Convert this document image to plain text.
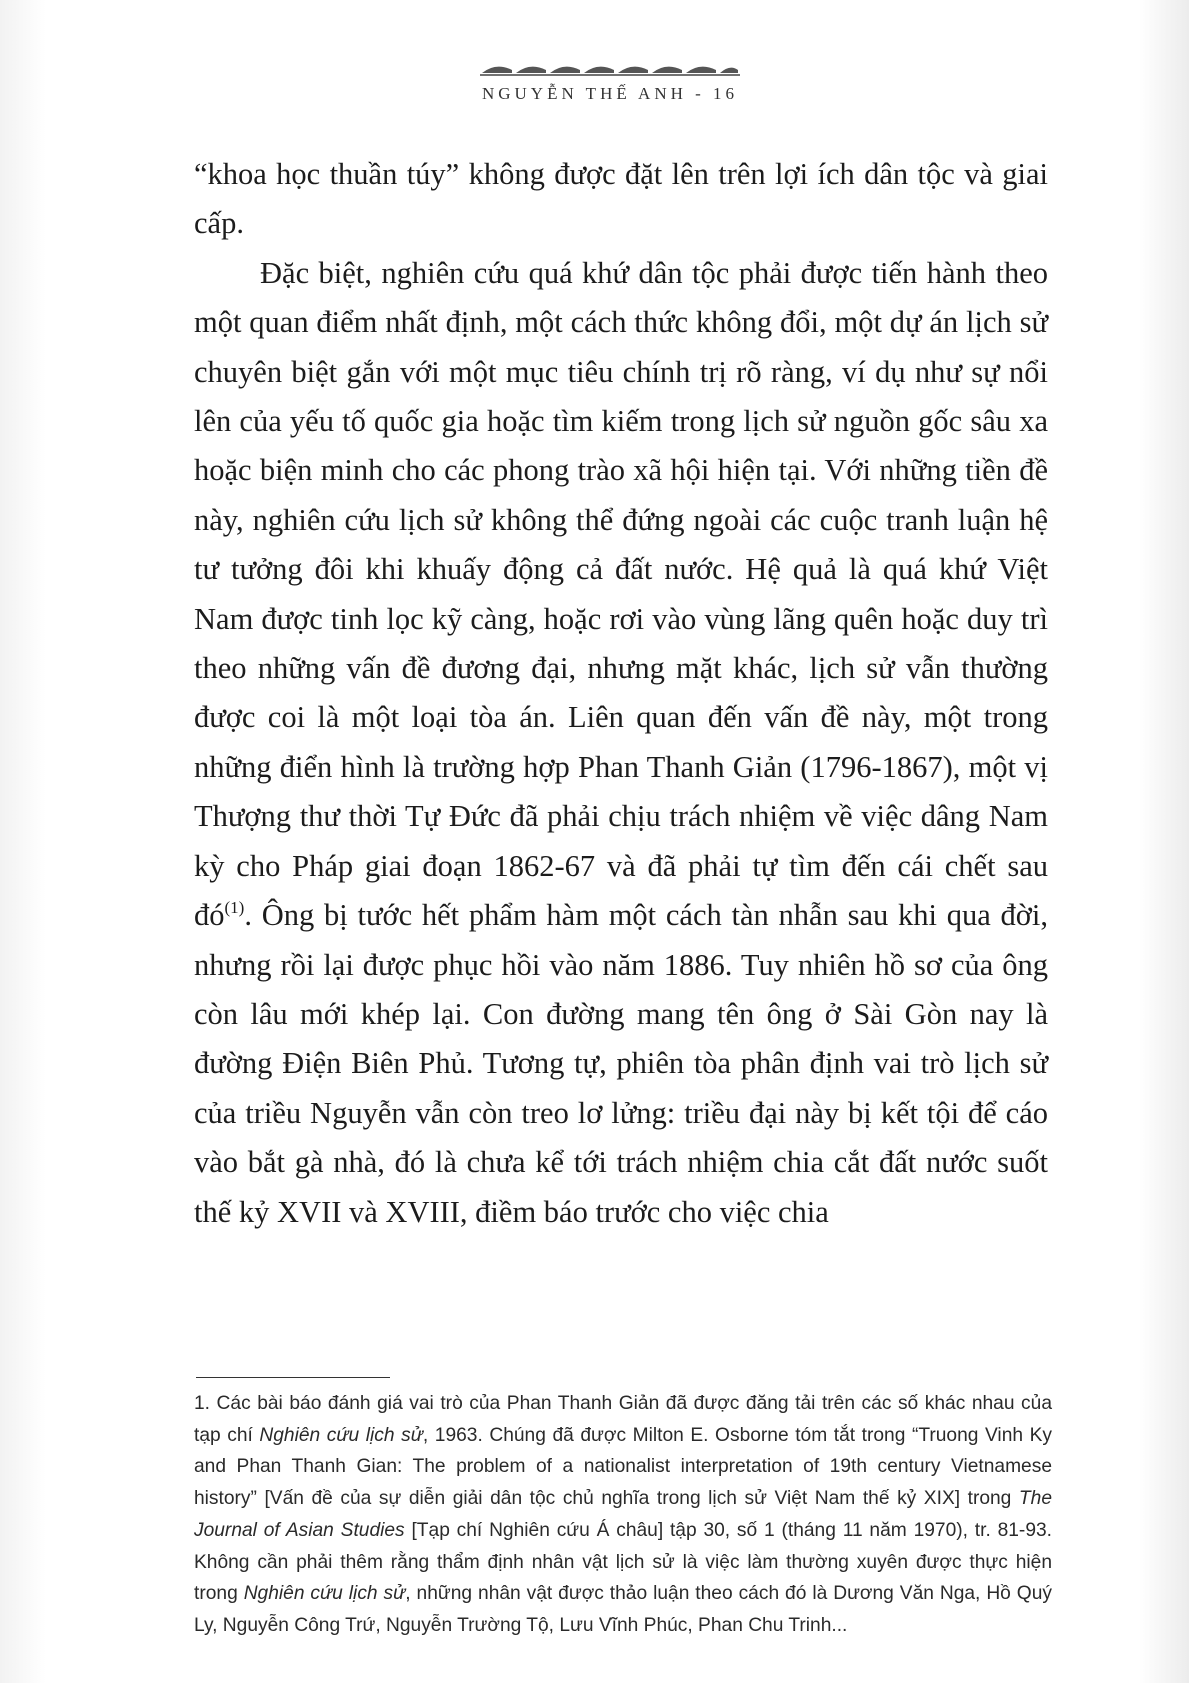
NGUYỄN THẾ ANH - 16

“khoa học thuần túy” không được đặt lên trên lợi ích dân tộc và giai cấp.

Đặc biệt, nghiên cứu quá khứ dân tộc phải được tiến hành theo một quan điểm nhất định, một cách thức không đổi, một dự án lịch sử chuyên biệt gắn với một mục tiêu chính trị rõ ràng, ví dụ như sự nổi lên của yếu tố quốc gia hoặc tìm kiếm trong lịch sử nguồn gốc sâu xa hoặc biện minh cho các phong trào xã hội hiện tại. Với những tiền đề này, nghiên cứu lịch sử không thể đứng ngoài các cuộc tranh luận hệ tư tưởng đôi khi khuấy động cả đất nước. Hệ quả là quá khứ Việt Nam được tinh lọc kỹ càng, hoặc rơi vào vùng lãng quên hoặc duy trì theo những vấn đề đương đại, nhưng mặt khác, lịch sử vẫn thường được coi là một loại tòa án. Liên quan đến vấn đề này, một trong những điển hình là trường hợp Phan Thanh Giản (1796-1867), một vị Thượng thư thời Tự Đức đã phải chịu trách nhiệm về việc dâng Nam kỳ cho Pháp giai đoạn 1862-67 và đã phải tự tìm đến cái chết sau $đó^{(1)}$. Ông bị tước hết phẩm hàm một cách tàn nhẫn sau khi qua đời, nhưng rồi lại được phục hồi vào năm 1886. Tuy nhiên hồ sơ của ông còn lâu mới khép lại. Con đường mang tên ông ở Sài Gòn nay là đường Điện Biên Phủ. Tương tự, phiên tòa phân định vai trò lịch sử của triều Nguyễn vẫn còn treo lơ lửng: triều đại này bị kết tội để cáo vào bắt gà nhà, đó là chưa kể tới trách nhiệm chia cắt đất nước suốt thế kỷ XVII và XVIII, điềm báo trước cho việc chia

1. Các bài báo đánh giá vai trò của Phan Thanh Giản đã được đăng tải trên các số khác nhau của tạp chí Nghiên cứu lịch sử, 1963. Chúng đã được Milton E. Osborne tóm tắt trong “Truong Vinh Ky and Phan Thanh Gian: The problem of a nationalist interpretation of 19th century Vietnamese history” [Vấn đề của sự diễn giải dân tộc chủ nghĩa trong lịch sử Việt Nam thế kỷ XIX] trong The Journal of Asian Studies [Tạp chí Nghiên cứu Á châu] tập 30, số 1 (tháng 11 năm 1970), tr. 81-93. Không cần phải thêm rằng thẩm định nhân vật lịch sử là việc làm thường xuyên được thực hiện trong Nghiên cứu lịch sử, những nhân vật được thảo luận theo cách đó là Dương Văn Nga, Hồ Quý Ly, Nguyễn Công Trứ, Nguyễn Trường Tộ, Lưu Vĩnh Phúc, Phan Chu Trinh...
